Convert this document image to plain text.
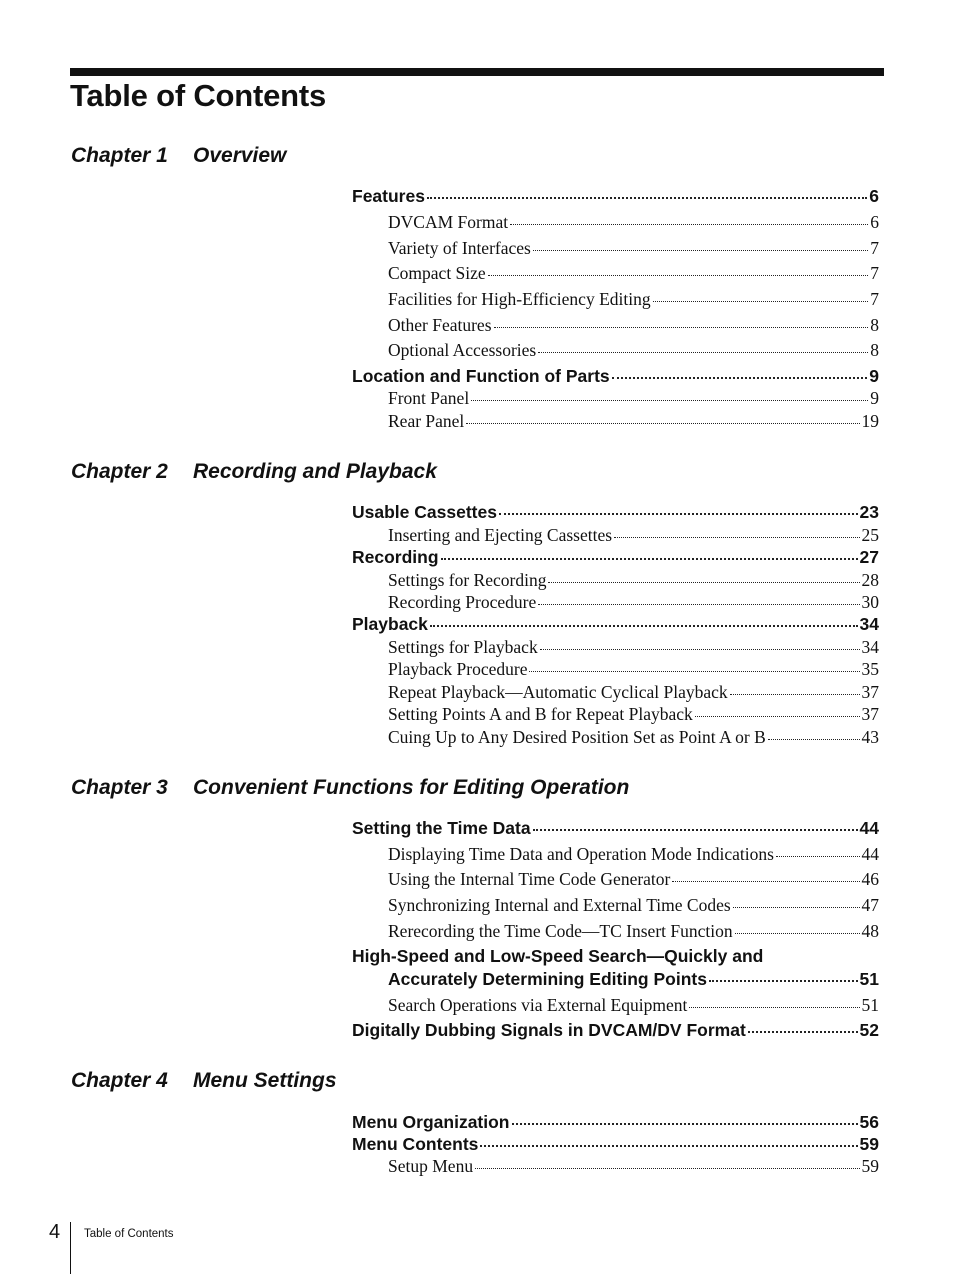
Table of Contents
Chapter 1 Overview
Features	6
DVCAM Format	6
Variety of Interfaces	7
Compact Size	7
Facilities for High-Efficiency Editing	7
Other Features	8
Optional Accessories	8
Location and Function of Parts	9
Front Panel	9
Rear Panel	19
Chapter 2 Recording and Playback
Usable Cassettes	23
Inserting and Ejecting Cassettes	25
Recording	27
Settings for Recording	28
Recording Procedure	30
Playback	34
Settings for Playback	34
Playback Procedure	35
Repeat Playback—Automatic Cyclical Playback	37
Setting Points A and B for Repeat Playback	37
Cuing Up to Any Desired Position Set as Point A or B	43
Chapter 3 Convenient Functions for Editing Operation
Setting the Time Data	44
Displaying Time Data and Operation Mode Indications	44
Using the Internal Time Code Generator	46
Synchronizing Internal and External Time Codes	47
Rerecording the Time Code—TC Insert Function	48
High-Speed and Low-Speed Search—Quickly and
Accurately Determining Editing Points	51
Search Operations via External Equipment	51
Digitally Dubbing Signals in DVCAM/DV Format	52
Chapter 4 Menu Settings
Menu Organization	56
Menu Contents	59
Setup Menu	59
4 Table of Contents
